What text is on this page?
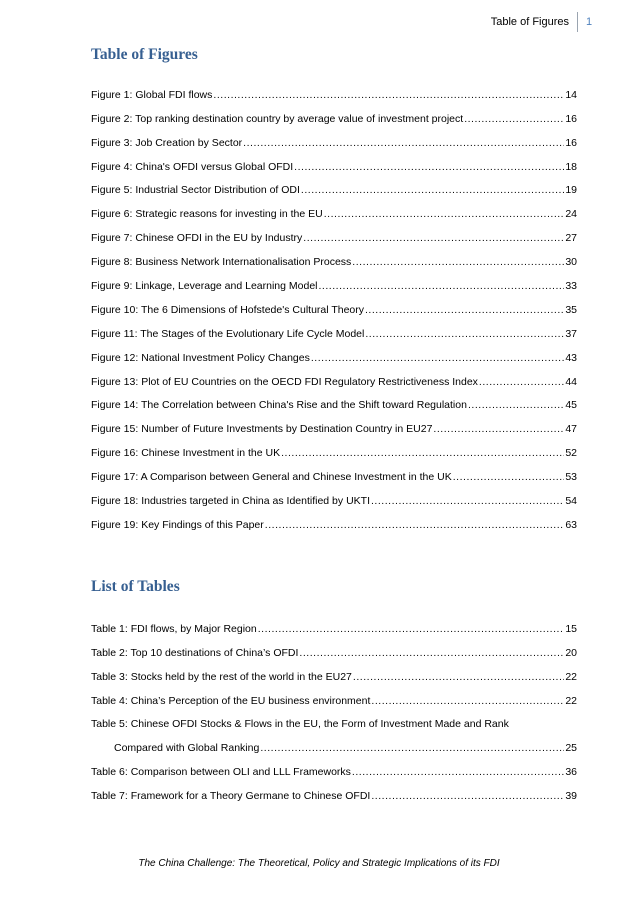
Table of Figures	1
Table of Figures
Figure 1: Global FDI flows . . .	14
Figure 2: Top ranking destination country by average value of investment project . . .	16
Figure 3: Job Creation by Sector . . .	16
Figure 4: China's OFDI versus Global OFDI . . .	18
Figure 5: Industrial Sector Distribution of ODI . . .	19
Figure 6: Strategic reasons for investing in the EU . . .	24
Figure 7: Chinese OFDI in the EU by Industry . . .	27
Figure 8: Business Network Internationalisation Process . . .	30
Figure 9: Linkage, Leverage and Learning Model . . .	33
Figure 10: The 6 Dimensions of Hofstede's Cultural Theory . . .	35
Figure 11: The Stages of the Evolutionary Life Cycle Model . . .	37
Figure 12: National Investment Policy Changes . . .	43
Figure 13: Plot of EU Countries on the OECD FDI Regulatory Restrictiveness Index . . .	44
Figure 14: The Correlation between China's Rise and the Shift toward Regulation . . .	45
Figure 15: Number of Future Investments by Destination Country in EU27 . . .	47
Figure 16: Chinese Investment in the UK . . .	52
Figure 17: A Comparison between General and Chinese Investment in the UK . . .	53
Figure 18: Industries targeted in China as Identified by UKTI . . .	54
Figure 19: Key Findings of this Paper . . .	63
List of Tables
Table 1: FDI flows, by Major Region . . .	15
Table 2: Top 10 destinations of China’s OFDI . . .	20
Table 3: Stocks held by the rest of the world in the EU27 . . .	22
Table 4: China’s Perception of the EU business environment . . .	22
Table 5: Chinese OFDI Stocks & Flows in the EU, the Form of Investment Made and Rank
Compared with Global Ranking . . .	25
Table 6: Comparison between OLI and LLL Frameworks . . .	36
Table 7: Framework for a Theory Germane to Chinese OFDI . . .	39
The China Challenge: The Theoretical, Policy and Strategic Implications of its FDI
